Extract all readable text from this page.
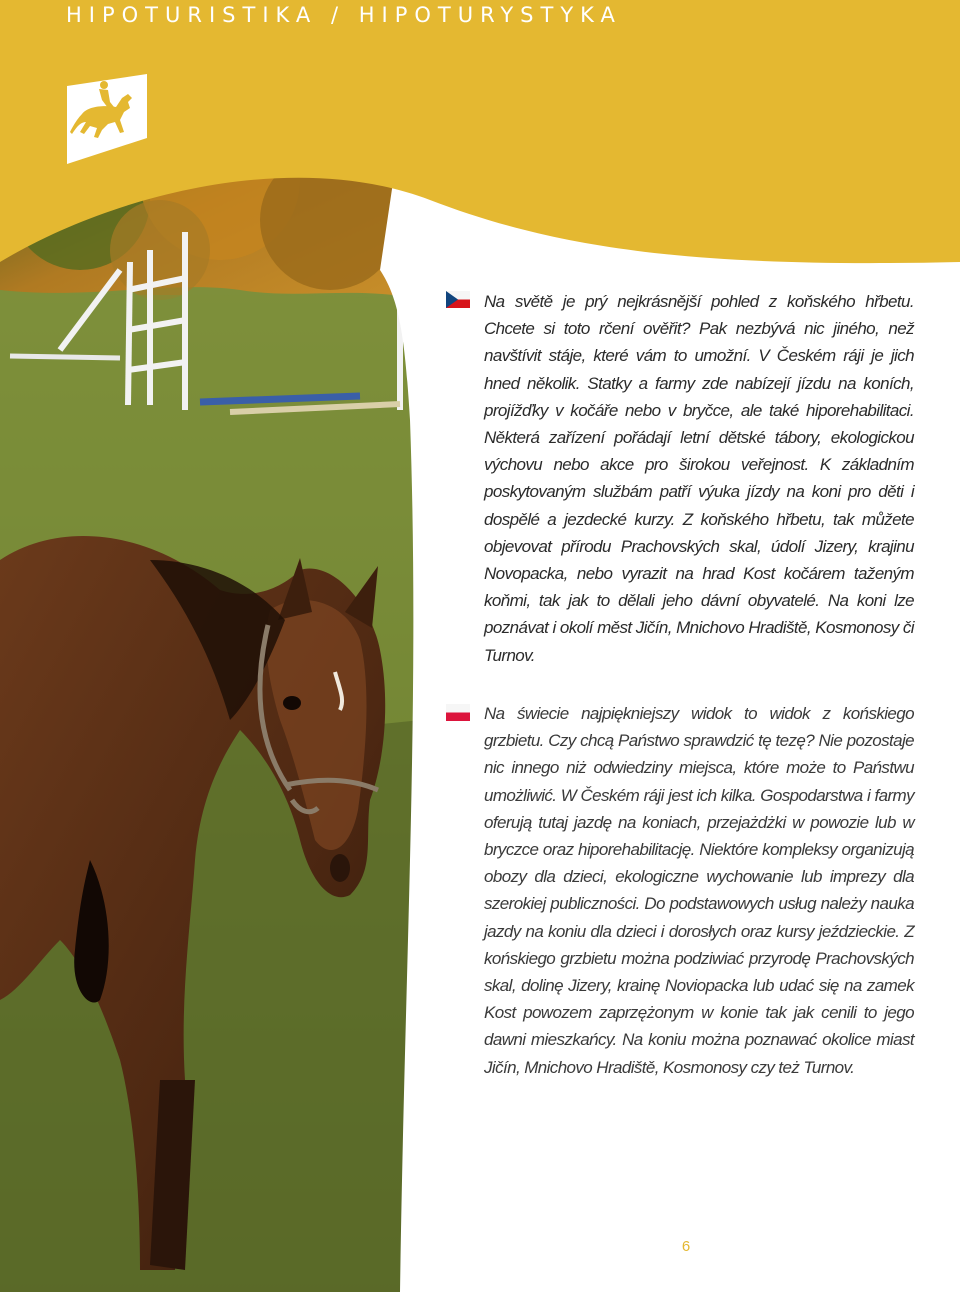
HIPOTURISTIKA / HIPOTURYSTYKA

Na světě je prý nejkrásnější pohled z koňského hřbetu. Chcete si toto rčení ověřit? Pak nezbývá nic jiného, než navštívit stáje, které vám to umožní. V Českém ráji je jich hned několik. Statky a farmy zde nabízejí jízdu na koních, projížďky v kočáře nebo v bryčce, ale také hiporehabilitaci. Některá zařízení pořádají letní dětské tábory, ekologickou výchovu nebo akce pro širokou veřejnost. K základním poskytovaným službám patří výuka jízdy na koni pro děti i dospělé a jezdecké kurzy. Z koňského hřbetu, tak můžete objevovat přírodu Prachovských skal, údolí Jizery, krajinu Novopacka, nebo vyrazit na hrad Kost kočárem taženým koňmi, tak jak to dělali jeho dávní obyvatelé. Na koni lze poznávat i okolí měst Jičín, Mnichovo Hradiště, Kosmonosy či Turnov.

Na świecie najpiękniejszy widok to widok z końskiego grzbietu. Czy chcą Państwo sprawdzić tę tezę? Nie pozostaje nic innego niż odwiedziny miejsca, które może to Państwu umożliwić. W Českém ráji jest ich kilka. Gospodarstwa i farmy oferują tutaj jazdę na koniach, przejażdżki w powozie lub w bryczce oraz hiporehabilitację. Niektóre kompleksy organizują obozy dla dzieci, ekologiczne wychowanie lub imprezy dla szerokiej publiczności. Do podstawowych usług należy nauka jazdy na koniu dla dzieci i dorosłych oraz kursy jeździeckie. Z końskiego grzbietu można podziwiać przyrodę Prachovských skal, dolinę Jizery, krainę Noviopacka lub udać się na zamek Kost powozem zaprzężonym w konie tak jak cenili to jego dawni mieszkańcy. Na koniu można poznawać okolice miast Jičín, Mnichovo Hradiště, Kosmonosy czy też Turnov.

6
